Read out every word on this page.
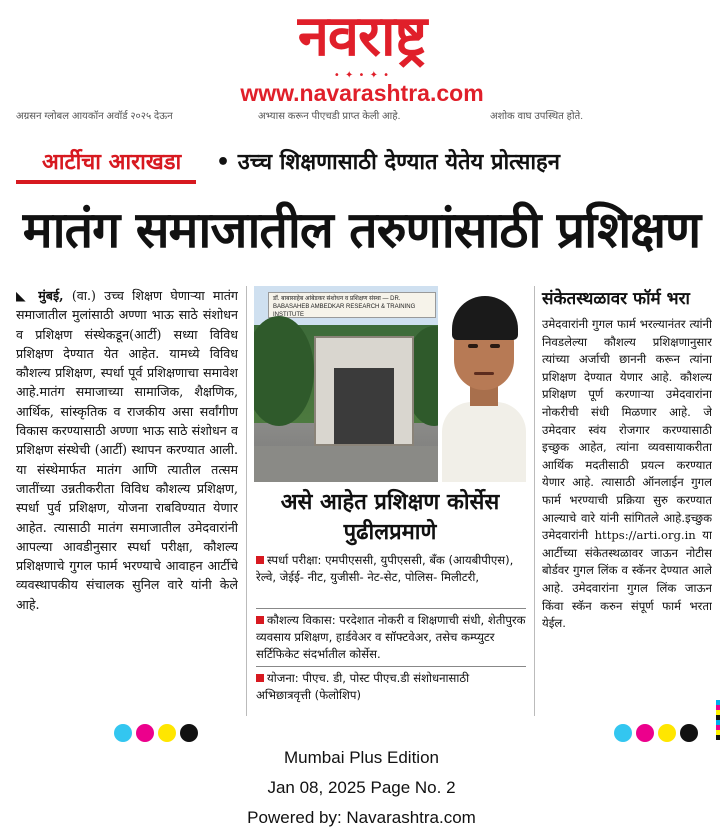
नवराष्ट्र
• ✦ • ✦ •
www.navarashtra.com
अग्रसन ग्लोबल आयकॉन अवॉर्ड २०२५ देऊन	अभ्यास करून पीएचडी प्राप्त केली आहे.	अशोक वाघ उपस्थित होते.
आर्टीचा आराखडा • उच्च शिक्षणासाठी देण्यात येतेय प्रोत्साहन
मातंग समाजातील तरुणांसाठी प्रशिक्षण
◣ मुंबई, (वा.) उच्च शिक्षण घेणाऱ्या मातंग समाजातील मुलांसाठी अण्णा भाऊ साठे संशोधन व प्रशिक्षण संस्थेकडून(आर्टी) सध्या विविध प्रशिक्षण देण्यात येत आहेत. यामध्ये विविध कौशल्य प्रशिक्षण, स्पर्धा पूर्व प्रशिक्षणाचा समावेश आहे.मातंग समाजाच्या सामाजिक, शैक्षणिक, आर्थिक, सांस्कृतिक व राजकीय असा सर्वांगीण विकास करण्यासाठी अण्णा भाऊ साठे संशोधन व प्रशिक्षण संस्थेची (आर्टी) स्थापन करण्यात आली. या संस्थेमार्फत मातंग आणि त्यातील तत्सम जातींच्या उन्नतीकरीता विविध कौशल्य प्रशिक्षण, स्पर्धा पुर्व प्रशिक्षण, योजना राबविण्यात येणार आहेत. त्यासाठी मातंग समाजातील उमेदवारांनी आपल्या आवडीनुसार स्पर्धा परीक्षा, कौशल्य प्रशिक्षणाचे गुगल फार्म भरण्याचे आवाहन आर्टीचे व्यवस्थापकीय संचालक सुनिल वारे यांनी केले आहे.
डॉ. बाबासाहेब आंबेडकर संशोधन व प्रशिक्षण संस्था — DR. BABASAHEB AMBEDKAR RESEARCH & TRAINING INSTITUTE
असे आहेत प्रशिक्षण कोर्सेस पुढीलप्रमाणे
स्पर्धा परीक्षा: एमपीएससी, युपीएससी, बँक (आयबीपीएस), रेल्वे, जेईई- नीट, युजीसी- नेट-सेट, पोलिस- मिलीटरी,
कौशल्य विकास: परदेशात नोकरी व शिक्षणाची संधी, शेतीपुरक व्यवसाय प्रशिक्षण, हार्डवेअर व सॉफ्टवेअर, तसेच कम्प्युटर सर्टिफिकेट संदर्भातील कोर्सेस.
योजना: पीएच. डी, पोस्ट पीएच.डी संशोधनासाठी अभिछात्रवृत्ती (फेलोशिप)
संकेतस्थळावर फॉर्म भरा
उमेदवारांनी गुगल फार्म भरल्यानंतर त्यांनी निवडलेल्या कौशल्य प्रशिक्षणानुसार त्यांच्या अर्जाची छाननी करून त्यांना प्रशिक्षण देण्यात येणार आहे. कौशल्य प्रशिक्षण पूर्ण करणाऱ्या उमेदवारांना नोकरीची संधी मिळणार आहे. जे उमेदवार स्वंय रोजगार करण्यासाठी इच्छुक आहेत, त्यांना व्यवसायाकरीता आर्थिक मदतीसाठी प्रयत्न करण्यात येणार आहे. त्यासाठी ऑनलाईन गुगल फार्म भरण्याची प्रक्रिया सुरु करण्यात आल्याचे वारे यांनी सांगितले आहे.इच्छुक उमेदवारांनी https://arti.org.in या आर्टीच्या संकेतस्थळावर जाऊन नोटीस बोर्डवर गुगल लिंक व स्कॅनर देण्यात आले आहे. उमेदवारांना गुगल लिंक जाऊन किंवा स्कॅन करुन संपूर्ण फार्म भरता येईल.
Mumbai Plus Edition
Jan 08, 2025 Page No. 2
Powered by: Navarashtra.com
